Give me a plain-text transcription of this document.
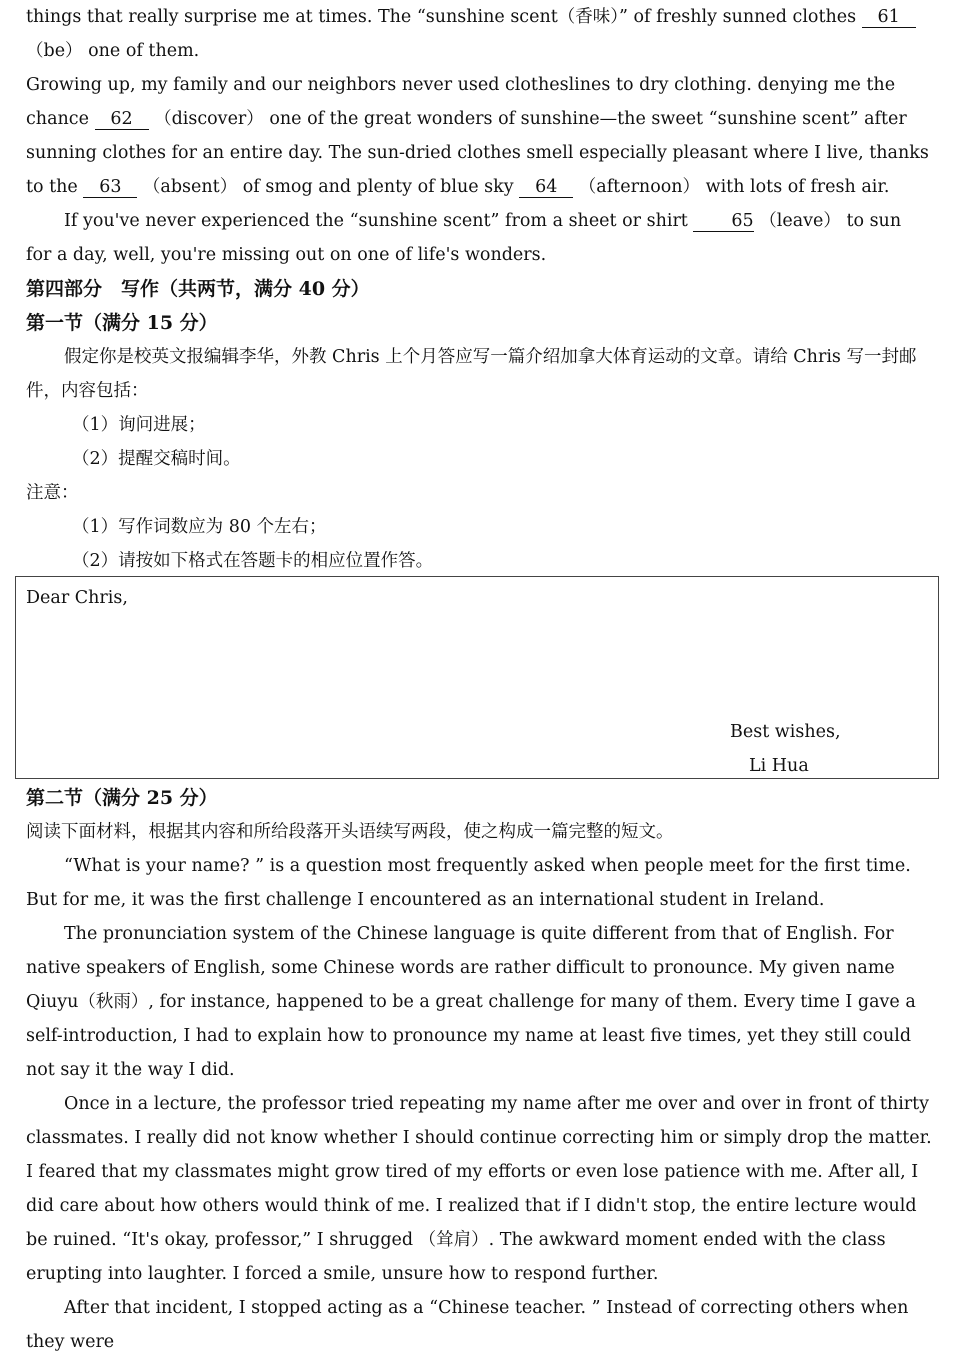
things that really surprise me at times. The “sunshine scent（香味）” of freshly sunned clothes 61 （be） one of them.

Growing up, my family and our neighbors never used clotheslines to dry clothing. denying me the chance 62 （discover） one of the great wonders of sunshine—the sweet “sunshine scent” after sunning clothes for an entire day. The sun-dried clothes smell especially pleasant where I live, thanks to the 63 （absent） of smog and plenty of blue sky 64 （afternoon） with lots of fresh air.

If you've never experienced the “sunshine scent” from a sheet or shirt 65 （leave） to sun for a day, well, you're missing out on one of life's wonders.

第四部分　写作（共两节，满分 40 分）

第一节（满分 15 分）

假定你是校英文报编辑李华，外教 Chris 上个月答应写一篇介绍加拿大体育运动的文章。请给 Chris 写一封邮件，内容包括：

（1）询问进展；

（2）提醒交稿时间。

注意：

（1）写作词数应为 80 个左右；

（2）请按如下格式在答题卡的相应位置作答。

Dear Chris,
Best wishes,
Li Hua

第二节（满分 25 分）

阅读下面材料，根据其内容和所给段落开头语续写两段，使之构成一篇完整的短文。

“What is your name? ” is a question most frequently asked when people meet for the first time. But for me, it was the first challenge I encountered as an international student in Ireland.

The pronunciation system of the Chinese language is quite different from that of English. For native speakers of English, some Chinese words are rather difficult to pronounce. My given name Qiuyu（秋雨）, for instance, happened to be a great challenge for many of them. Every time I gave a self-introduction, I had to explain how to pronounce my name at least five times, yet they still could not say it the way I did.

Once in a lecture, the professor tried repeating my name after me over and over in front of thirty classmates. I really did not know whether I should continue correcting him or simply drop the matter. I feared that my classmates might grow tired of my efforts or even lose patience with me. After all, I did care about how others would think of me. I realized that if I didn't stop, the entire lecture would be ruined. “It's okay, professor,” I shrugged （耸肩）. The awkward moment ended with the class erupting into laughter. I forced a smile, unsure how to respond further.

After that incident, I stopped acting as a “Chinese teacher. ” Instead of correcting others when they were
